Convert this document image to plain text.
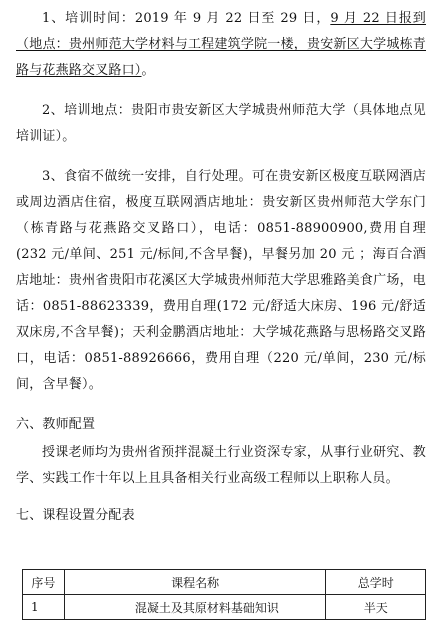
1、培训时间：2019 年 9 月 22 日至 29 日，9 月 22 日报到（地点：贵州师范大学材料与工程建筑学院一楼，贵安新区大学城栋青路与花燕路交叉路口）。

2、培训地点：贵阳市贵安新区大学城贵州师范大学（具体地点见培训证）。

3、食宿不做统一安排，自行处理。可在贵安新区极度互联网酒店或周边酒店住宿，极度互联网酒店地址：贵安新区贵州师范大学东门（栋青路与花燕路交叉路口），电话：0851-88900900,费用自理(232 元/单间、251 元/标间,不含早餐)，早餐另加 20 元 ；海百合酒店地址：贵州省贵阳市花溪区大学城贵州师范大学思雅路美食广场，电话：0851-88623339，费用自理(172 元/舒适大床房、196 元/舒适双床房,不含早餐)；天利金鹏酒店地址：大学城花燕路与思杨路交叉路口，电话：0851-88926666，费用自理（220 元/单间，230 元/标间，含早餐）。

六、教师配置

授课老师均为贵州省预拌混凝土行业资深专家，从事行业研究、教学、实践工作十年以上且具备相关行业高级工程师以上职称人员。

七、课程设置分配表

序号	课程名称	总学时
1	混凝土及其原材料基础知识	半天
